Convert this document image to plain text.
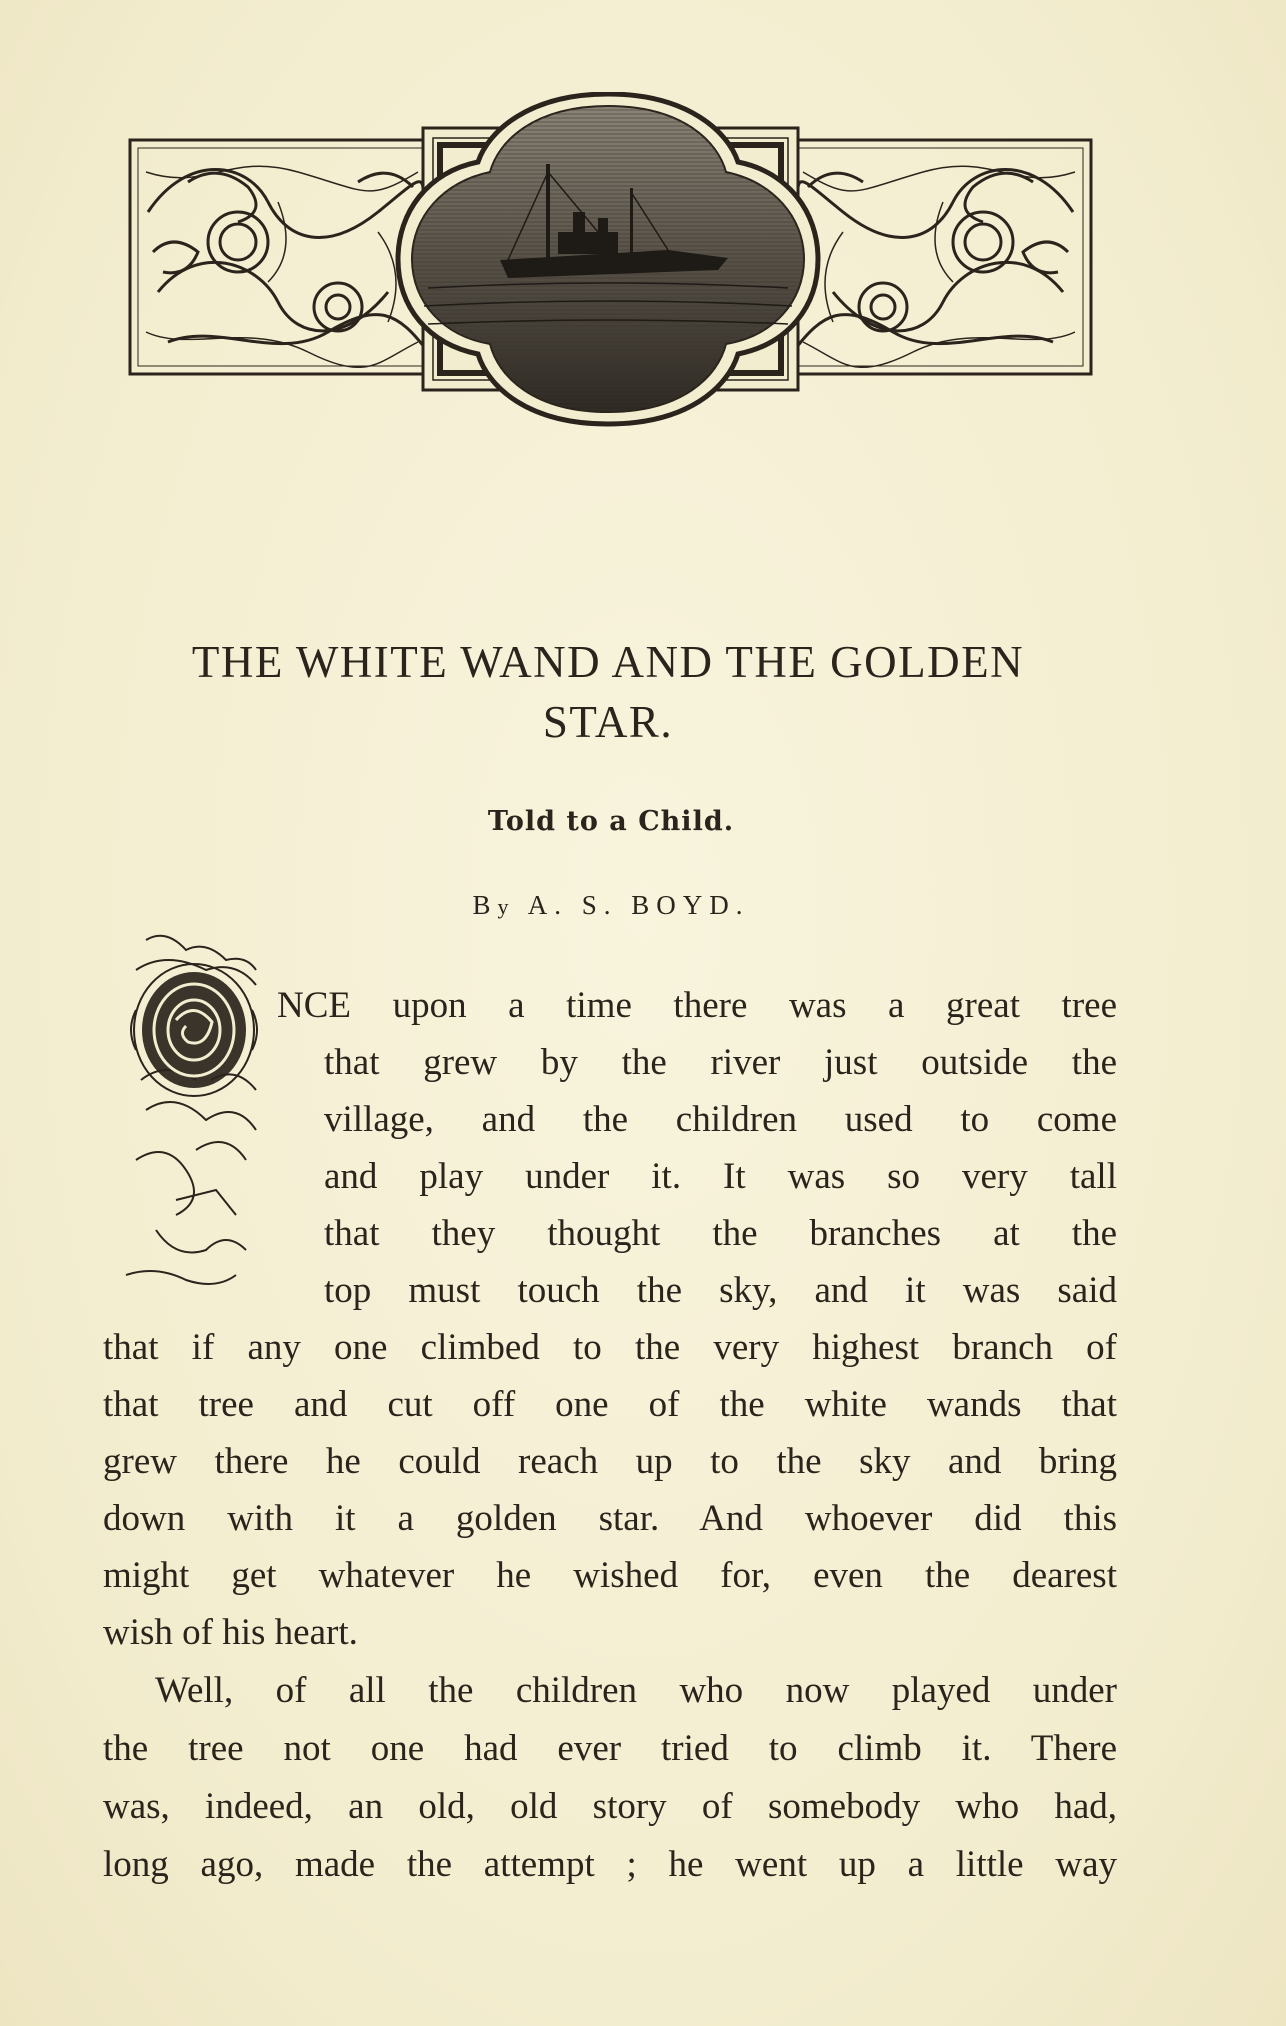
THE WHITE WAND AND THE GOLDEN
STAR.

Told to a Child.

By A. S. BOYD.

NCE upon a time there was a great tree

that grew by the river just outside the

village, and the children used to come

and play under it. It was so very tall

that they thought the branches at the

top must touch the sky, and it was said

that if any one climbed to the very highest branch of

that tree and cut off one of the white wands that

grew there he could reach up to the sky and bring

down with it a golden star. And whoever did this

might get whatever he wished for, even the dearest

wish of his heart.

Well, of all the children who now played under

the tree not one had ever tried to climb it. There

was, indeed, an old, old story of somebody who had,

long ago, made the attempt ; he went up a little way
